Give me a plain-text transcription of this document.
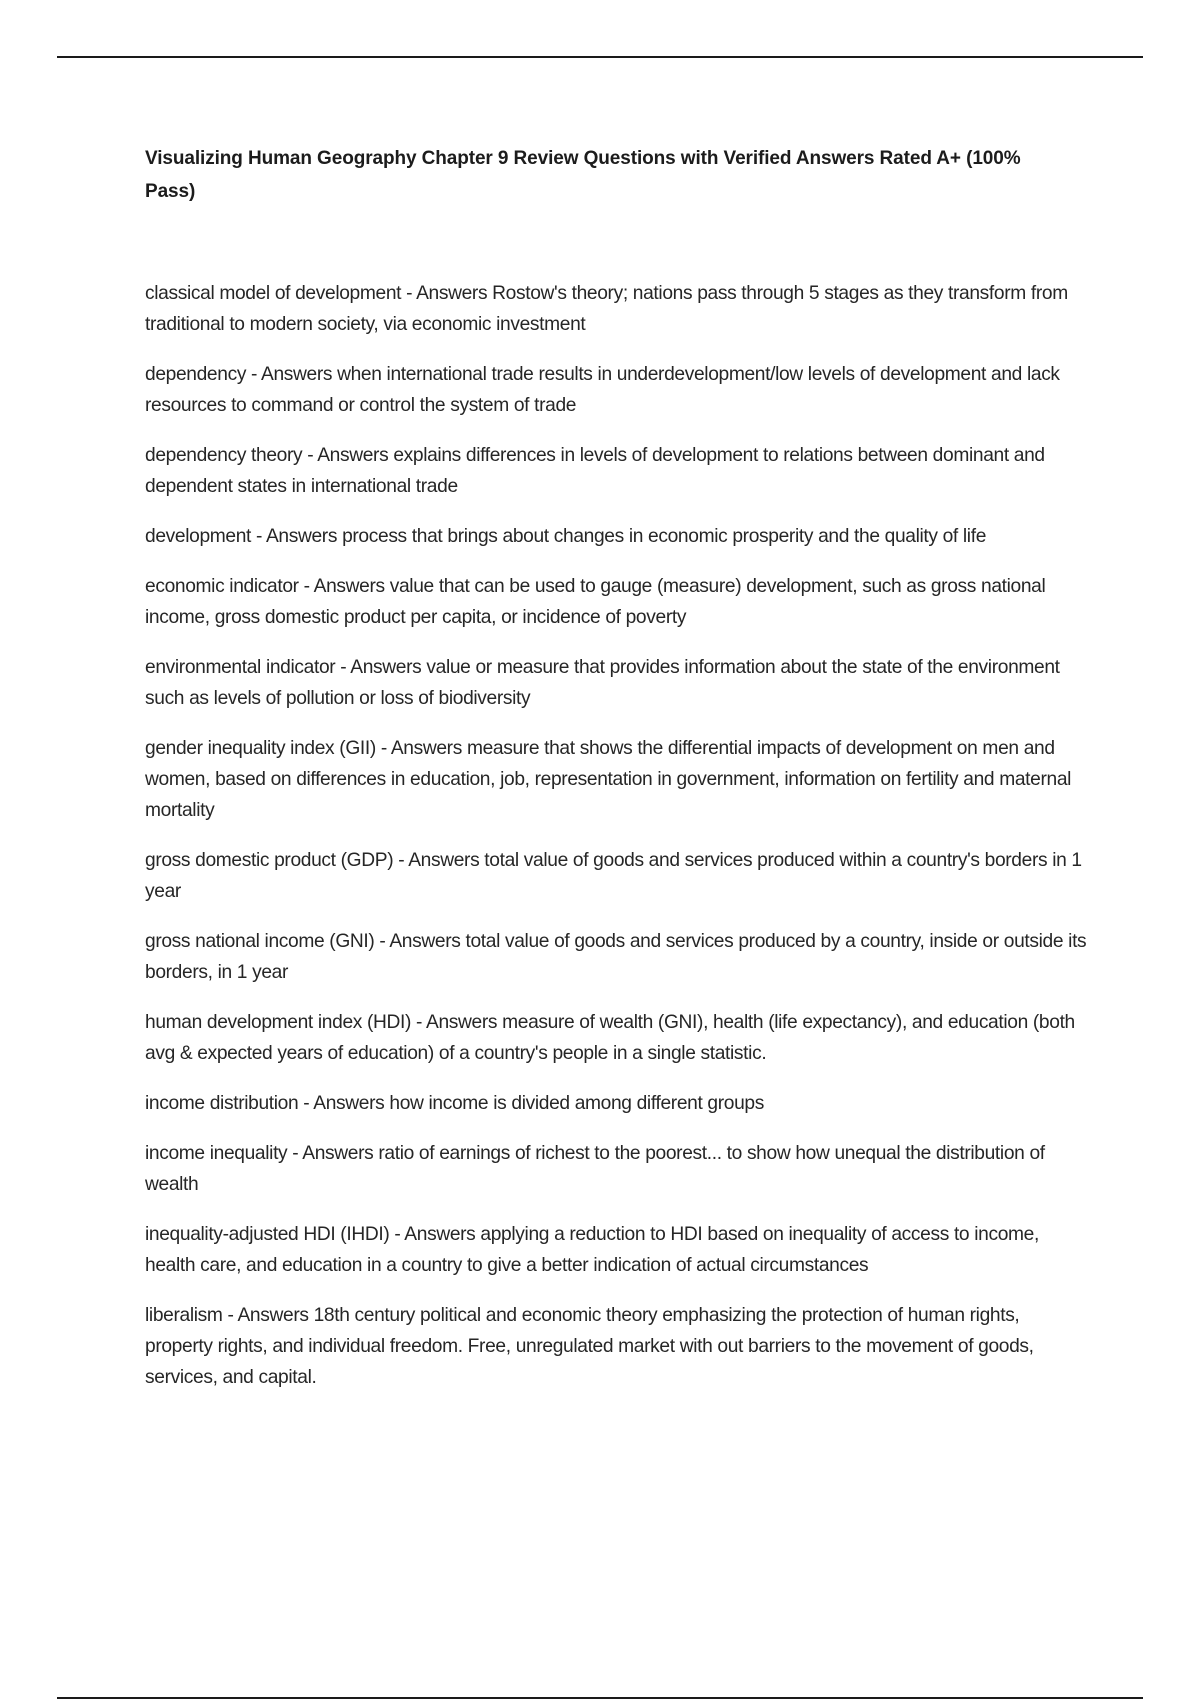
Visualizing Human Geography Chapter 9 Review Questions with Verified Answers Rated A+ (100% Pass)

classical model of development - Answers Rostow's theory; nations pass through 5 stages as they transform from traditional to modern society, via economic investment

dependency - Answers when international trade results in underdevelopment/low levels of development and lack resources to command or control the system of trade

dependency theory - Answers explains differences in levels of development to relations between dominant and dependent states in international trade

development - Answers process that brings about changes in economic prosperity and the quality of life

economic indicator - Answers value that can be used to gauge (measure) development, such as gross national income, gross domestic product per capita, or incidence of poverty

environmental indicator - Answers value or measure that provides information about the state of the environment such as levels of pollution or loss of biodiversity

gender inequality index (GII) - Answers measure that shows the differential impacts of development on men and women, based on differences in education, job, representation in government, information on fertility and maternal mortality

gross domestic product (GDP) - Answers total value of goods and services produced within a country's borders in 1 year

gross national income (GNI) - Answers total value of goods and services produced by a country, inside or outside its borders, in 1 year

human development index (HDI) - Answers measure of wealth (GNI), health (life expectancy), and education (both avg & expected years of education) of a country's people in a single statistic.

income distribution - Answers how income is divided among different groups

income inequality - Answers ratio of earnings of richest to the poorest... to show how unequal the distribution of wealth

inequality-adjusted HDI (IHDI) - Answers applying a reduction to HDI based on inequality of access to income, health care, and education in a country to give a better indication of actual circumstances

liberalism - Answers 18th century political and economic theory emphasizing the protection of human rights, property rights, and individual freedom. Free, unregulated market with out barriers to the movement of goods, services, and capital.
